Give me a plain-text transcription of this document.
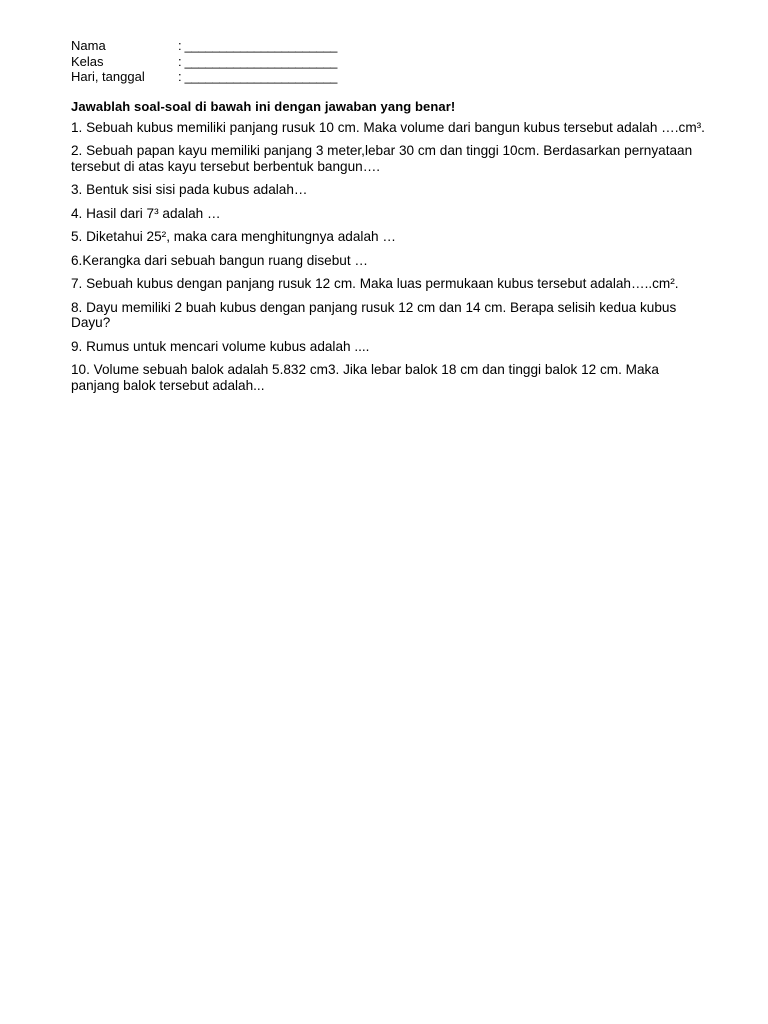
Nama	: ______________________
Kelas	: ______________________
Hari, tanggal	: ______________________
Jawablah soal-soal di bawah ini dengan jawaban yang benar!
1. Sebuah kubus memiliki panjang rusuk 10 cm. Maka volume dari bangun kubus tersebut adalah ….cm³.
2. Sebuah papan kayu memiliki panjang 3 meter,lebar 30 cm dan tinggi 10cm. Berdasarkan pernyataan tersebut di atas kayu tersebut berbentuk bangun….
3. Bentuk sisi sisi pada kubus adalah…
4. Hasil dari 7³ adalah …
5. Diketahui 25², maka cara menghitungnya adalah …
6.Kerangka dari sebuah bangun ruang disebut …
7. Sebuah kubus dengan panjang rusuk 12 cm. Maka luas permukaan kubus tersebut adalah…..cm².
8. Dayu memiliki 2 buah kubus dengan panjang rusuk 12 cm dan 14 cm. Berapa selisih kedua kubus Dayu?
9. Rumus untuk mencari volume kubus adalah ....
10. Volume sebuah balok adalah 5.832 cm3. Jika lebar balok 18 cm dan tinggi balok 12 cm. Maka panjang balok tersebut adalah...
